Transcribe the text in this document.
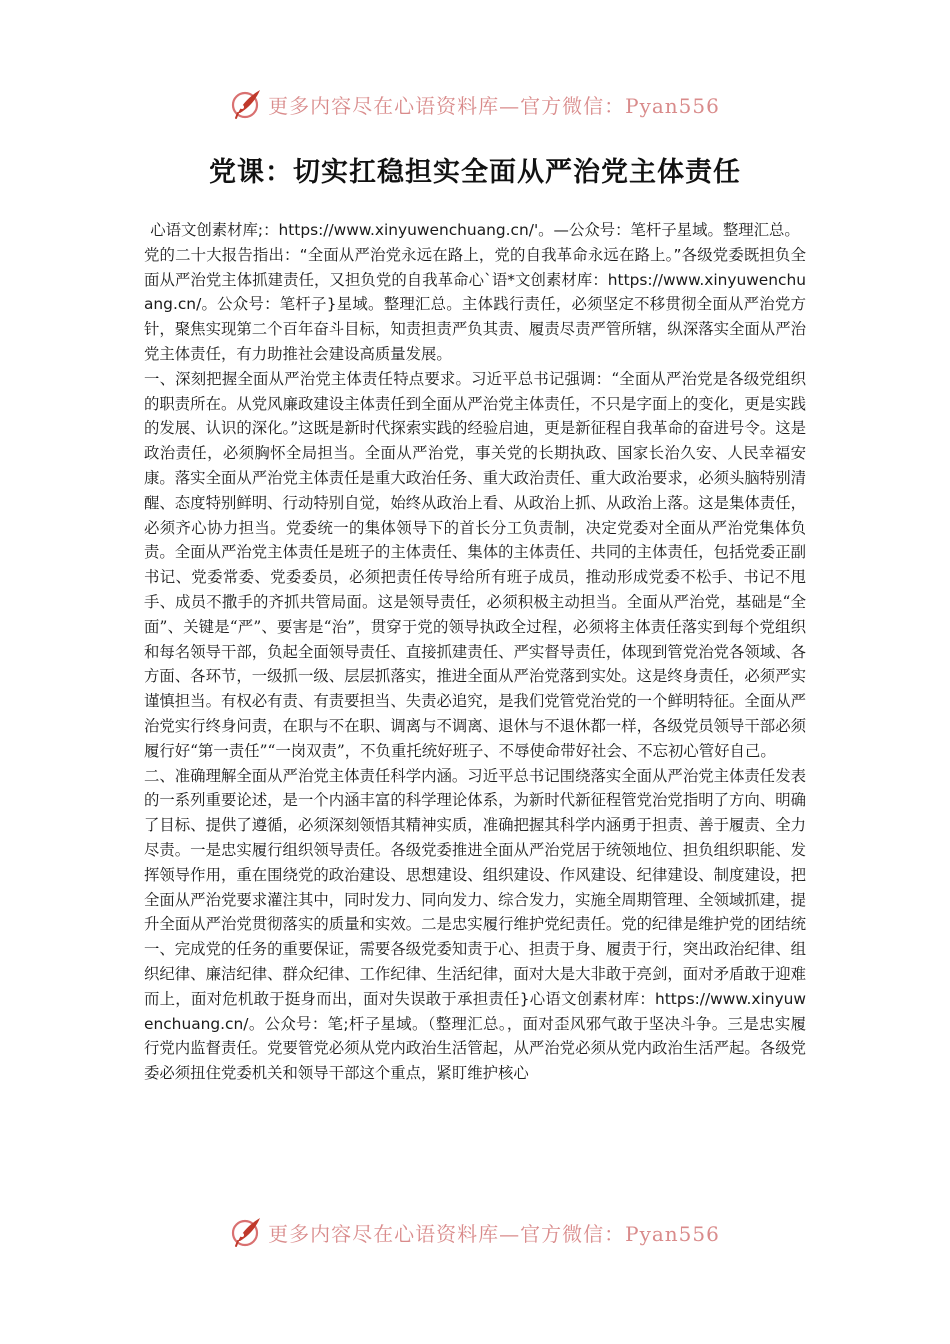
更多内容尽在心语资料库—官方微信：Pyan556
党课：切实扛稳担实全面从严治党主体责任

心语文创素材库;：https://www.xinyuwenchuang.cn/'。—公众号：笔杆子星域。整理汇总。

党的二十大报告指出：“全面从严治党永远在路上，党的自我革命永远在路上。”各级党委既担负全面从严治党主体抓建责任，又担负党的自我革命心`语*文创素材库：https://www.xinyuwenchuang.cn/。公众号：笔杆子}星域。整理汇总。主体践行责任，必须坚定不移贯彻全面从严治党方针，聚焦实现第二个百年奋斗目标，知责担责严负其责、履责尽责严管所辖，纵深落实全面从严治党主体责任，有力助推社会建设高质量发展。

一、深刻把握全面从严治党主体责任特点要求。习近平总书记强调：“全面从严治党是各级党组织的职责所在。从党风廉政建设主体责任到全面从严治党主体责任，不只是字面上的变化，更是实践的发展、认识的深化。”这既是新时代探索实践的经验启迪，更是新征程自我革命的奋进号令。这是政治责任，必须胸怀全局担当。全面从严治党，事关党的长期执政、国家长治久安、人民幸福安康。落实全面从严治党主体责任是重大政治任务、重大政治责任、重大政治要求，必须头脑特别清醒、态度特别鲜明、行动特别自觉，始终从政治上看、从政治上抓、从政治上落。这是集体责任，必须齐心协力担当。党委统一的集体领导下的首长分工负责制，决定党委对全面从严治党集体负责。全面从严治党主体责任是班子的主体责任、集体的主体责任、共同的主体责任，包括党委正副书记、党委常委、党委委员，必须把责任传导给所有班子成员，推动形成党委不松手、书记不甩手、成员不撒手的齐抓共管局面。这是领导责任，必须积极主动担当。全面从严治党，基础是“全面”、关键是“严”、要害是“治”，贯穿于党的领导执政全过程，必须将主体责任落实到每个党组织和每名领导干部，负起全面领导责任、直接抓建责任、严实督导责任，体现到管党治党各领域、各方面、各环节，一级抓一级、层层抓落实，推进全面从严治党落到实处。这是终身责任，必须严实谨慎担当。有权必有责、有责要担当、失责必追究，是我们党管党治党的一个鲜明特征。全面从严治党实行终身问责，在职与不在职、调离与不调离、退休与不退休都一样，各级党员领导干部必须履行好“第一责任”“一岗双责”，不负重托统好班子、不辱使命带好社会、不忘初心管好自己。

二、准确理解全面从严治党主体责任科学内涵。习近平总书记围绕落实全面从严治党主体责任发表的一系列重要论述，是一个内涵丰富的科学理论体系，为新时代新征程管党治党指明了方向、明确了目标、提供了遵循，必须深刻领悟其精神实质，准确把握其科学内涵勇于担责、善于履责、全力尽责。一是忠实履行组织领导责任。各级党委推进全面从严治党居于统领地位、担负组织职能、发挥领导作用，重在围绕党的政治建设、思想建设、组织建设、作风建设、纪律建设、制度建设，把全面从严治党要求灌注其中，同时发力、同向发力、综合发力，实施全周期管理、全领域抓建，提升全面从严治党贯彻落实的质量和实效。二是忠实履行维护党纪责任。党的纪律是维护党的团结统一、完成党的任务的重要保证，需要各级党委知责于心、担责于身、履责于行，突出政治纪律、组织纪律、廉洁纪律、群众纪律、工作纪律、生活纪律，面对大是大非敢于亮剑，面对矛盾敢于迎难而上，面对危机敢于挺身而出，面对失误敢于承担责任}心语文创素材库：https://www.xinyuwenchuang.cn/。公众号：笔;杆子星域。（整理汇总。，面对歪风邪气敢于坚决斗争。三是忠实履行党内监督责任。党要管党必须从党内政治生活管起，从严治党必须从党内政治生活严起。各级党委必须扭住党委机关和领导干部这个重点，紧盯维护核心

更多内容尽在心语资料库—官方微信：Pyan556
